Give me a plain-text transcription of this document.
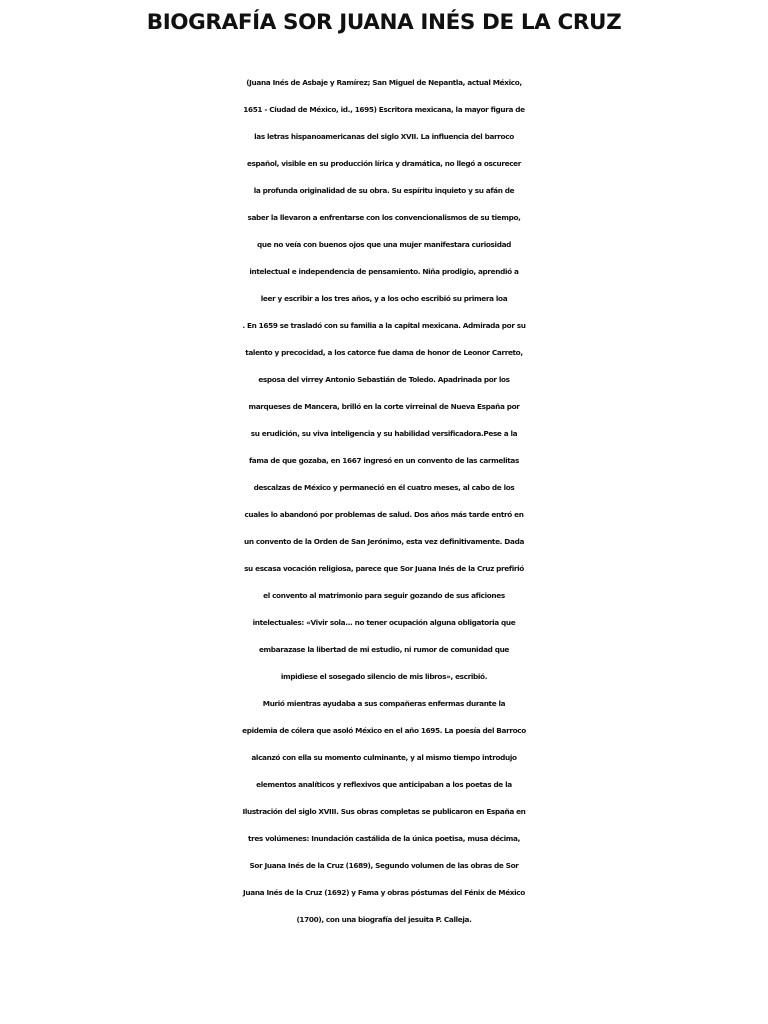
BIOGRAFÍA SOR JUANA INÉS DE LA CRUZ
(Juana Inés de Asbaje y Ramírez; San Miguel de Nepantla, actual México,
1651 - Ciudad de México, id., 1695) Escritora mexicana, la mayor figura de
las letras hispanoamericanas del siglo XVII. La influencia del barroco
español, visible en su producción lírica y dramática, no llegó a oscurecer
la profunda originalidad de su obra. Su espíritu inquieto y su afán de
saber la llevaron a enfrentarse con los convencionalismos de su tiempo,
que no veía con buenos ojos que una mujer manifestara curiosidad
intelectual e independencia de pensamiento. Niña prodigio, aprendió a
leer y escribir a los tres años, y a los ocho escribió su primera loa
. En 1659 se trasladó con su familia a la capital mexicana. Admirada por su
talento y precocidad, a los catorce fue dama de honor de Leonor Carreto,
esposa del virrey Antonio Sebastián de Toledo. Apadrinada por los
marqueses de Mancera, brilló en la corte virreinal de Nueva España por
su erudición, su viva inteligencia y su habilidad versificadora.Pese a la
fama de que gozaba, en 1667 ingresó en un convento de las carmelitas
descalzas de México y permaneció en él cuatro meses, al cabo de los
cuales lo abandonó por problemas de salud. Dos años más tarde entró en
un convento de la Orden de San Jerónimo, esta vez definitivamente. Dada
su escasa vocación religiosa, parece que Sor Juana Inés de la Cruz prefirió
el convento al matrimonio para seguir gozando de sus aficiones
intelectuales: «Vivir sola... no tener ocupación alguna obligatoria que
embarazase la libertad de mi estudio, ni rumor de comunidad que
impidiese el sosegado silencio de mis libros», escribió.
Murió mientras ayudaba a sus compañeras enfermas durante la
epidemia de cólera que asoló México en el año 1695. La poesía del Barroco
alcanzó con ella su momento culminante, y al mismo tiempo introdujo
elementos analíticos y reflexivos que anticipaban a los poetas de la
Ilustración del siglo XVIII. Sus obras completas se publicaron en España en
tres volúmenes: Inundación castálida de la única poetisa, musa décima,
Sor Juana Inés de la Cruz (1689), Segundo volumen de las obras de Sor
Juana Inés de la Cruz (1692) y Fama y obras póstumas del Fénix de México
(1700), con una biografía del jesuita P. Calleja.
